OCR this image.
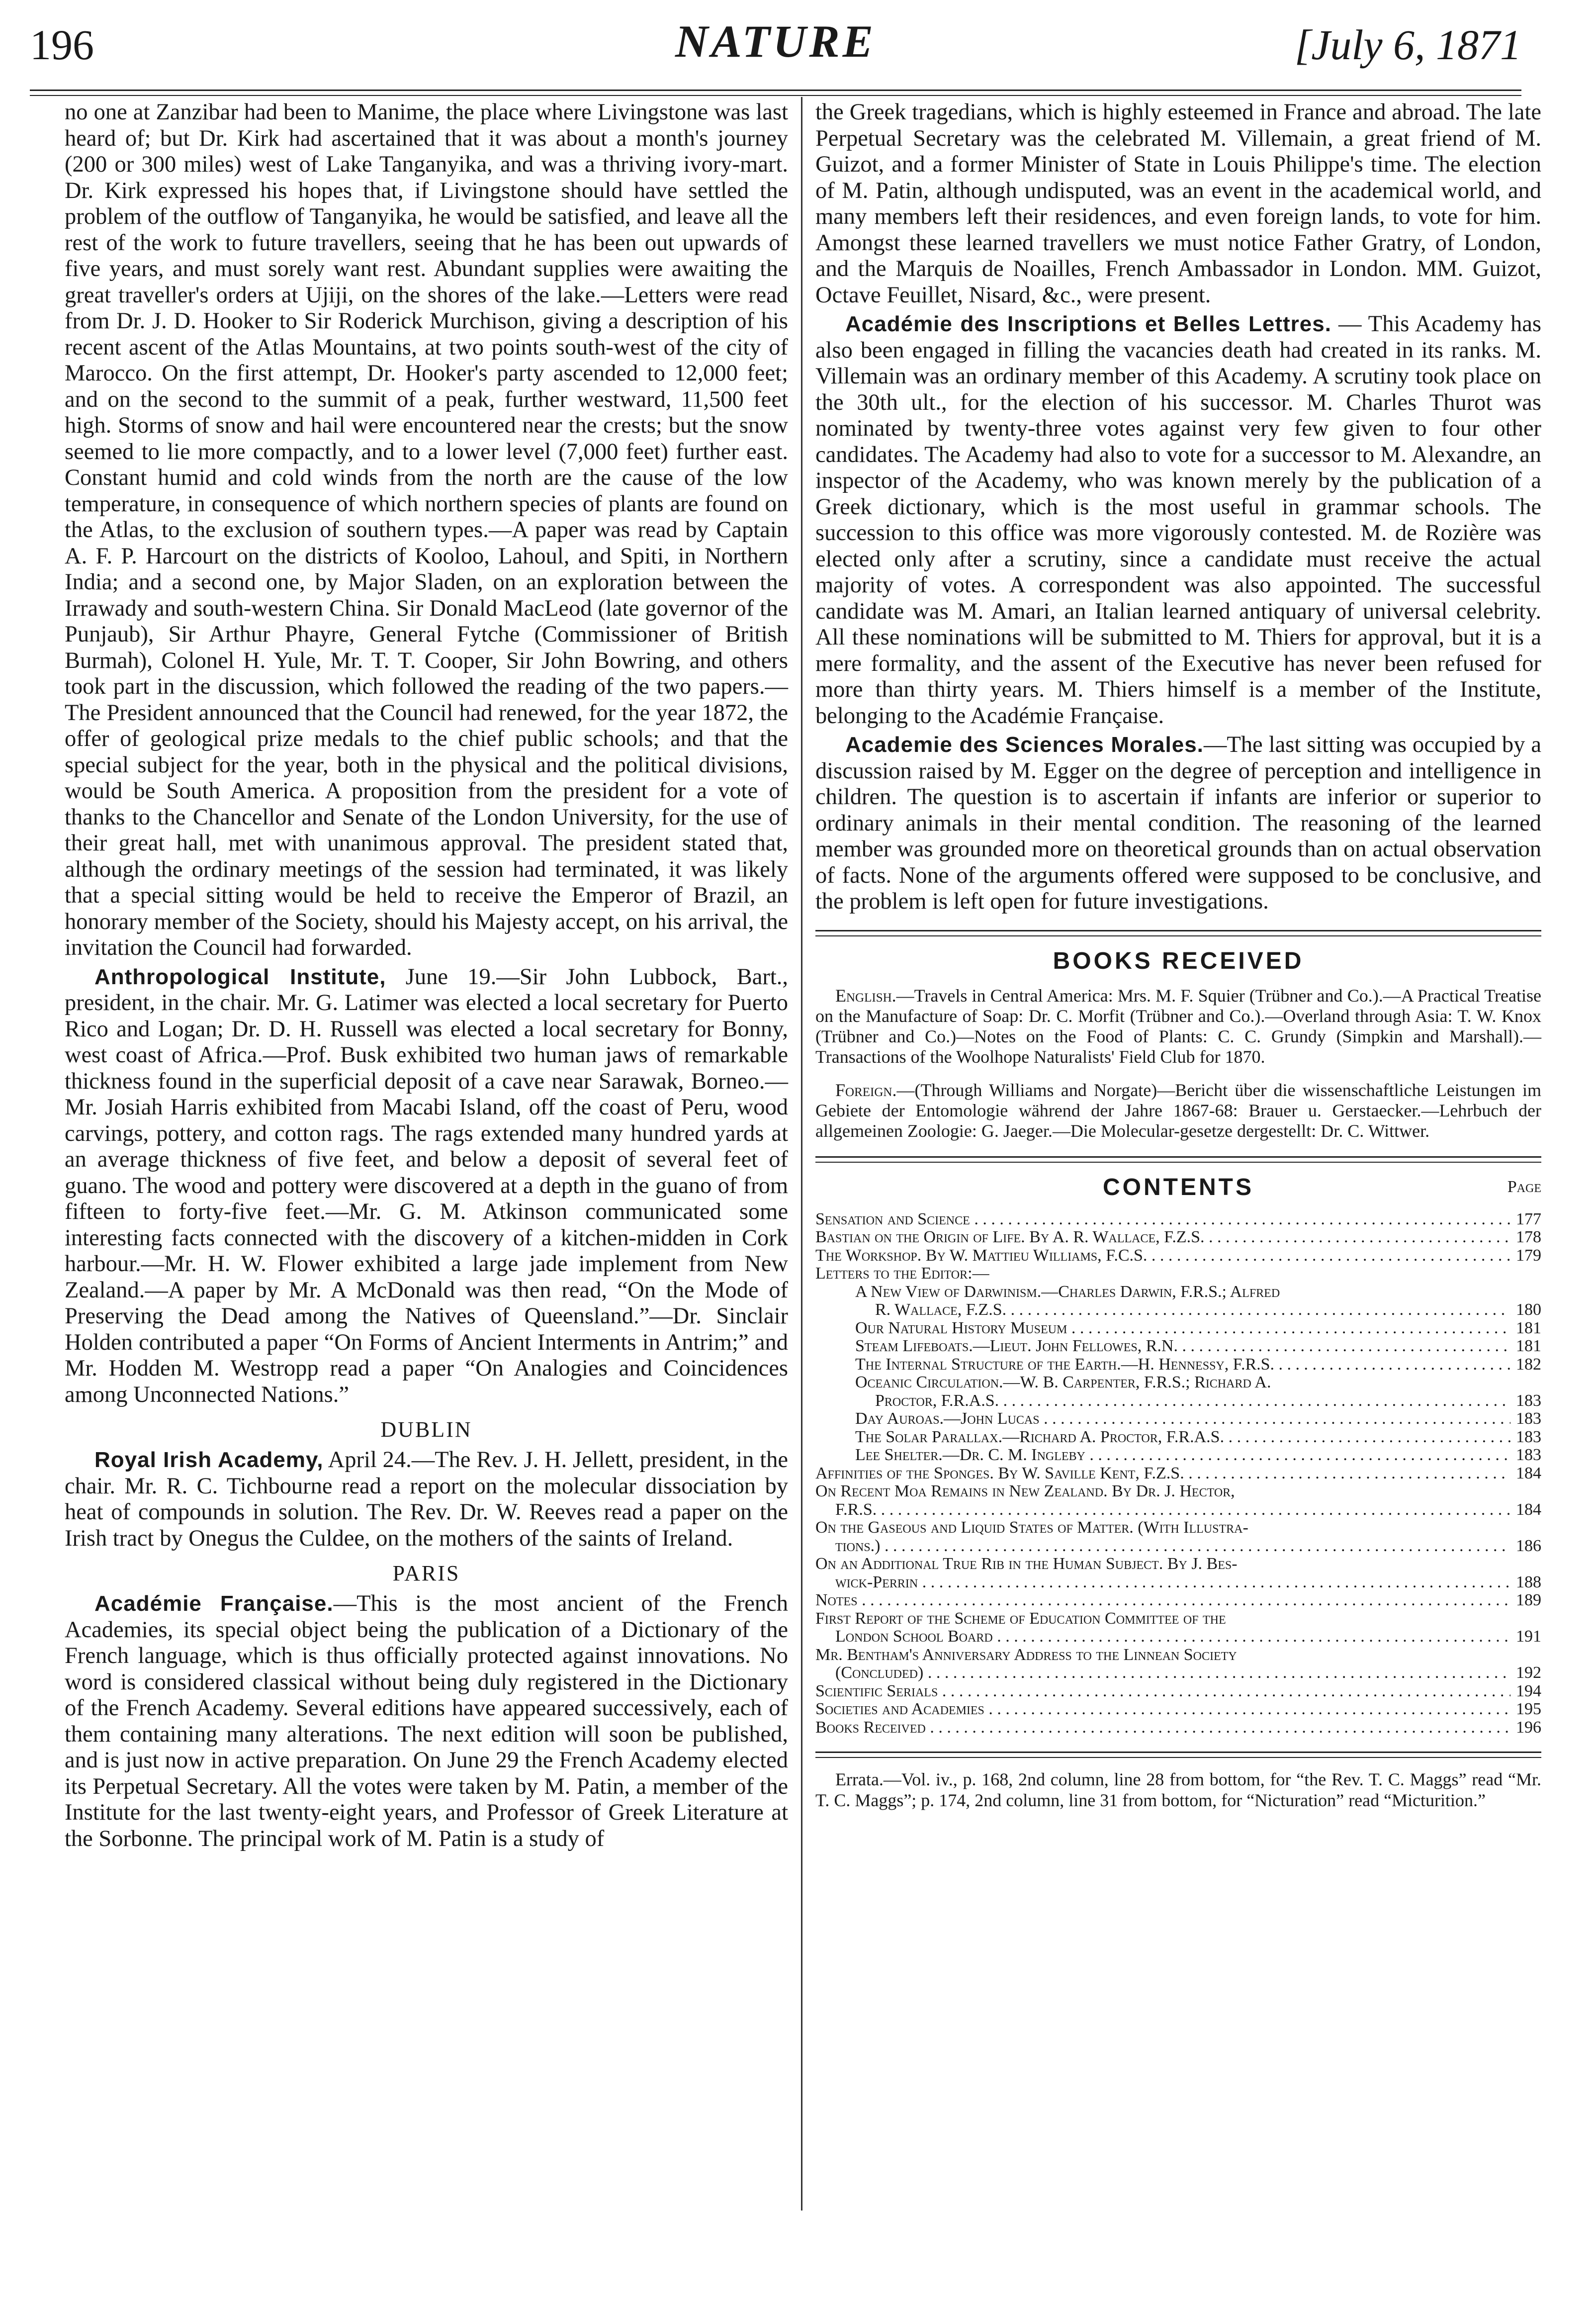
196	NATURE	[July 6, 1871

no one at Zanzibar had been to Manime, the place where Livingstone was last heard of; but Dr. Kirk had ascertained that it was about a month's journey (200 or 300 miles) west of Lake Tanganyika, and was a thriving ivory-mart. Dr. Kirk expressed his hopes that, if Livingstone should have settled the problem of the outflow of Tanganyika, he would be satisfied, and leave all the rest of the work to future travellers, seeing that he has been out upwards of five years, and must sorely want rest. Abundant supplies were awaiting the great traveller's orders at Ujiji, on the shores of the lake.—Letters were read from Dr. J. D. Hooker to Sir Roderick Murchison, giving a description of his recent ascent of the Atlas Mountains, at two points south-west of the city of Marocco. On the first attempt, Dr. Hooker's party ascended to 12,000 feet; and on the second to the summit of a peak, further westward, 11,500 feet high. Storms of snow and hail were encountered near the crests; but the snow seemed to lie more compactly, and to a lower level (7,000 feet) further east. Constant humid and cold winds from the north are the cause of the low temperature, in consequence of which northern species of plants are found on the Atlas, to the exclusion of southern types.—A paper was read by Captain A. F. P. Harcourt on the districts of Kooloo, Lahoul, and Spiti, in Northern India; and a second one, by Major Sladen, on an exploration between the Irrawady and south-western China. Sir Donald MacLeod (late governor of the Punjaub), Sir Arthur Phayre, General Fytche (Commissioner of British Burmah), Colonel H. Yule, Mr. T. T. Cooper, Sir John Bowring, and others took part in the discussion, which followed the reading of the two papers.—The President announced that the Council had renewed, for the year 1872, the offer of geological prize medals to the chief public schools; and that the special subject for the year, both in the physical and the political divisions, would be South America. A proposition from the president for a vote of thanks to the Chancellor and Senate of the London University, for the use of their great hall, met with unanimous approval. The president stated that, although the ordinary meetings of the session had terminated, it was likely that a special sitting would be held to receive the Emperor of Brazil, an honorary member of the Society, should his Majesty accept, on his arrival, the invitation the Council had forwarded.

Anthropological Institute, June 19.—Sir John Lubbock, Bart., president, in the chair. Mr. G. Latimer was elected a local secretary for Puerto Rico and Logan; Dr. D. H. Russell was elected a local secretary for Bonny, west coast of Africa.—Prof. Busk exhibited two human jaws of remarkable thickness found in the superficial deposit of a cave near Sarawak, Borneo.—Mr. Josiah Harris exhibited from Macabi Island, off the coast of Peru, wood carvings, pottery, and cotton rags. The rags extended many hundred yards at an average thickness of five feet, and below a deposit of several feet of guano. The wood and pottery were discovered at a depth in the guano of from fifteen to forty-five feet.—Mr. G. M. Atkinson communicated some interesting facts connected with the discovery of a kitchen-midden in Cork harbour.—Mr. H. W. Flower exhibited a large jade implement from New Zealand.—A paper by Mr. A McDonald was then read, “On the Mode of Preserving the Dead among the Natives of Queensland.”—Dr. Sinclair Holden contributed a paper “On Forms of Ancient Interments in Antrim;” and Mr. Hodden M. Westropp read a paper “On Analogies and Coincidences among Unconnected Nations.”

DUBLIN

Royal Irish Academy, April 24.—The Rev. J. H. Jellett, president, in the chair. Mr. R. C. Tichbourne read a report on the molecular dissociation by heat of compounds in solution. The Rev. Dr. W. Reeves read a paper on the Irish tract by Onegus the Culdee, on the mothers of the saints of Ireland.

PARIS

Académie Française.—This is the most ancient of the French Academies, its special object being the publication of a Dictionary of the French language, which is thus officially protected against innovations. No word is considered classical without being duly registered in the Dictionary of the French Academy. Several editions have appeared successively, each of them containing many alterations. The next edition will soon be published, and is just now in active preparation. On June 29 the French Academy elected its Perpetual Secretary. All the votes were taken by M. Patin, a member of the Institute for the last twenty-eight years, and Professor of Greek Literature at the Sorbonne. The principal work of M. Patin is a study of

the Greek tragedians, which is highly esteemed in France and abroad. The late Perpetual Secretary was the celebrated M. Villemain, a great friend of M. Guizot, and a former Minister of State in Louis Philippe's time. The election of M. Patin, although undisputed, was an event in the academical world, and many members left their residences, and even foreign lands, to vote for him. Amongst these learned travellers we must notice Father Gratry, of London, and the Marquis de Noailles, French Ambassador in London. MM. Guizot, Octave Feuillet, Nisard, &c., were present.

Académie des Inscriptions et Belles Lettres. — This Academy has also been engaged in filling the vacancies death had created in its ranks. M. Villemain was an ordinary member of this Academy. A scrutiny took place on the 30th ult., for the election of his successor. M. Charles Thurot was nominated by twenty-three votes against very few given to four other candidates. The Academy had also to vote for a successor to M. Alexandre, an inspector of the Academy, who was known merely by the publication of a Greek dictionary, which is the most useful in grammar schools. The succession to this office was more vigorously contested. M. de Rozière was elected only after a scrutiny, since a candidate must receive the actual majority of votes. A correspondent was also appointed. The successful candidate was M. Amari, an Italian learned antiquary of universal celebrity. All these nominations will be submitted to M. Thiers for approval, but it is a mere formality, and the assent of the Executive has never been refused for more than thirty years. M. Thiers himself is a member of the Institute, belonging to the Académie Française.

Academie des Sciences Morales.—The last sitting was occupied by a discussion raised by M. Egger on the degree of perception and intelligence in children. The question is to ascertain if infants are inferior or superior to ordinary animals in their mental condition. The reasoning of the learned member was grounded more on theoretical grounds than on actual observation of facts. None of the arguments offered were supposed to be conclusive, and the problem is left open for future investigations.

BOOKS RECEIVED

English.—Travels in Central America: Mrs. M. F. Squier (Trübner and Co.).—A Practical Treatise on the Manufacture of Soap: Dr. C. Morfit (Trübner and Co.).—Overland through Asia: T. W. Knox (Trübner and Co.)—Notes on the Food of Plants: C. C. Grundy (Simpkin and Marshall).—Transactions of the Woolhope Naturalists' Field Club for 1870.

Foreign.—(Through Williams and Norgate)—Bericht über die wissenschaftliche Leistungen im Gebiete der Entomologie während der Jahre 1867-68: Brauer u. Gerstaecker.—Lehrbuch der allgemeinen Zoologie: G. Jaeger.—Die Molecular-gesetze dergestellt: Dr. C. Wittwer.

CONTENTS	Page
Sensation and Science . . .	177
Bastian on the Origin of Life. By A. R. Wallace, F.Z.S. . . .	178
The Workshop. By W. Mattieu Williams, F.C.S. . . .	179
Letters to the Editor:—
A New View of Darwinism.—Charles Darwin, F.R.S.; Alfred
R. Wallace, F.Z.S. . . .	180
Our Natural History Museum . . .	181
Steam Lifeboats.—Lieut. John Fellowes, R.N. . . .	181
The Internal Structure of the Earth.—H. Hennessy, F.R.S. . . .	182
Oceanic Circulation.—W. B. Carpenter, F.R.S.; Richard A.
Proctor, F.R.A.S. . . .	183
Day Auroas.—John Lucas . . .	183
The Solar Parallax.—Richard A. Proctor, F.R.A.S. . . .	183
Lee Shelter.—Dr. C. M. Ingleby . . .	183
Affinities of the Sponges. By W. Saville Kent, F.Z.S. . . .	184
On Recent Moa Remains in New Zealand. By Dr. J. Hector,
F.R.S. . . .	184
On the Gaseous and Liquid States of Matter. (With Illustra-
tions.) . . .	186
On an Additional True Rib in the Human Subject. By J. Bes-
wick-Perrin . . .	188
Notes . . .	189
First Report of the Scheme of Education Committee of the
London School Board . . .	191
Mr. Bentham's Anniversary Address to the Linnean Society
(Concluded) . . .	192
Scientific Serials . . .	194
Societies and Academies . . .	195
Books Received . . .	196

Errata.—Vol. iv., p. 168, 2nd column, line 28 from bottom, for “the Rev. T. C. Maggs” read “Mr. T. C. Maggs”; p. 174, 2nd column, line 31 from bottom, for “Nicturation” read “Micturition.”
